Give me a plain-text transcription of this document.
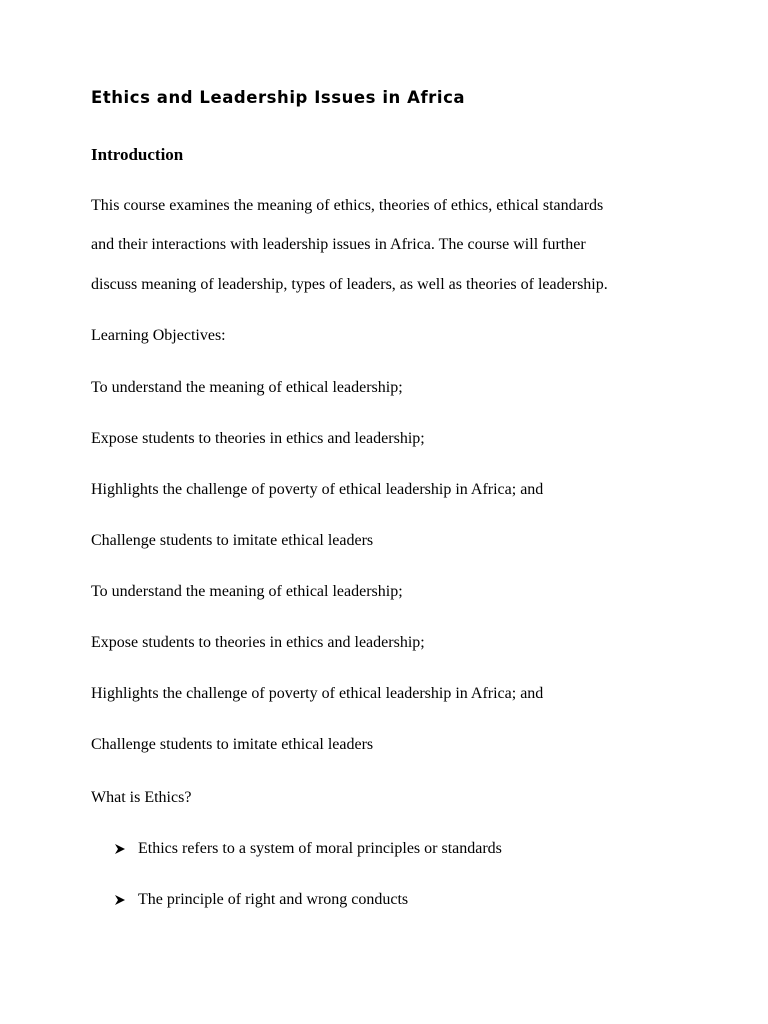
Ethics and Leadership Issues in Africa
Introduction

This course examines the meaning of ethics, theories of ethics, ethical standards

and their interactions with leadership issues in Africa. The course will further

discuss meaning of leadership, types of leaders, as well as theories of leadership.

Learning Objectives:

To understand the meaning of ethical leadership;

Expose students to theories in ethics and leadership;

Highlights the challenge of poverty of ethical leadership in Africa; and

Challenge students to imitate ethical leaders

To understand the meaning of ethical leadership;

Expose students to theories in ethics and leadership;

Highlights the challenge of poverty of ethical leadership in Africa; and

Challenge students to imitate ethical leaders

What is Ethics?

Ethics refers to a system of moral principles or standards
The principle of right and wrong conducts
